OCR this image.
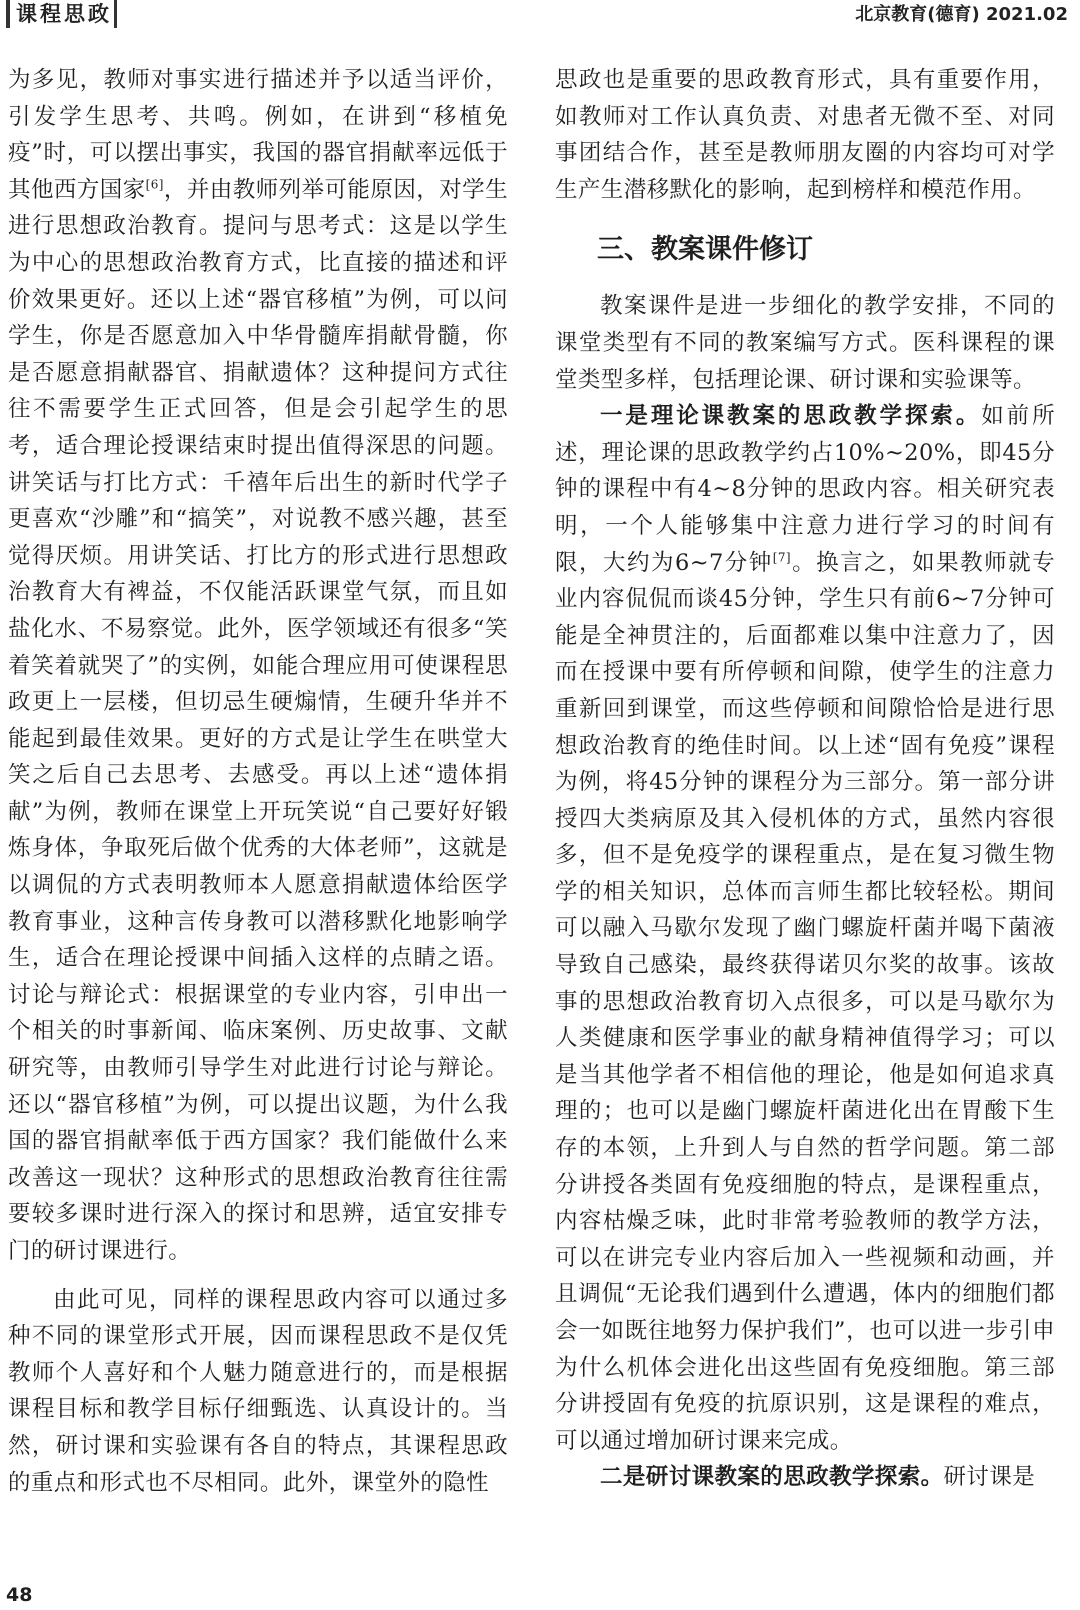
课程思政	北京教育(德育) 2021.02

为多见，教师对事实进行描述并予以适当评价，引发学生思考、共鸣。例如，在讲到“移植免疫”时，可以摆出事实，我国的器官捐献率远低于其他西方国家[6]，并由教师列举可能原因，对学生进行思想政治教育。提问与思考式：这是以学生为中心的思想政治教育方式，比直接的描述和评价效果更好。还以上述“器官移植”为例，可以问学生，你是否愿意加入中华骨髓库捐献骨髓，你是否愿意捐献器官、捐献遗体？这种提问方式往往不需要学生正式回答，但是会引起学生的思考，适合理论授课结束时提出值得深思的问题。讲笑话与打比方式：千禧年后出生的新时代学子更喜欢“沙雕”和“搞笑”，对说教不感兴趣，甚至觉得厌烦。用讲笑话、打比方的形式进行思想政治教育大有裨益，不仅能活跃课堂气氛，而且如盐化水、不易察觉。此外，医学领域还有很多“笑着笑着就哭了”的实例，如能合理应用可使课程思政更上一层楼，但切忌生硬煽情，生硬升华并不能起到最佳效果。更好的方式是让学生在哄堂大笑之后自己去思考、去感受。再以上述“遗体捐献”为例，教师在课堂上开玩笑说“自己要好好锻炼身体，争取死后做个优秀的大体老师”，这就是以调侃的方式表明教师本人愿意捐献遗体给医学教育事业，这种言传身教可以潜移默化地影响学生，适合在理论授课中间插入这样的点睛之语。讨论与辩论式：根据课堂的专业内容，引申出一个相关的时事新闻、临床案例、历史故事、文献研究等，由教师引导学生对此进行讨论与辩论。还以“器官移植”为例，可以提出议题，为什么我国的器官捐献率低于西方国家？我们能做什么来改善这一现状？这种形式的思想政治教育往往需要较多课时进行深入的探讨和思辨，适宜安排专门的研讨课进行。

由此可见，同样的课程思政内容可以通过多种不同的课堂形式开展，因而课程思政不是仅凭教师个人喜好和个人魅力随意进行的，而是根据课程目标和教学目标仔细甄选、认真设计的。当然，研讨课和实验课有各自的特点，其课程思政的重点和形式也不尽相同。此外，课堂外的隐性

思政也是重要的思政教育形式，具有重要作用，如教师对工作认真负责、对患者无微不至、对同事团结合作，甚至是教师朋友圈的内容均可对学生产生潜移默化的影响，起到榜样和模范作用。

三、教案课件修订

教案课件是进一步细化的教学安排，不同的课堂类型有不同的教案编写方式。医科课程的课堂类型多样，包括理论课、研讨课和实验课等。

一是理论课教案的思政教学探索。如前所述，理论课的思政教学约占10%~20%，即45分钟的课程中有4~8分钟的思政内容。相关研究表明，一个人能够集中注意力进行学习的时间有限，大约为6~7分钟[7]。换言之，如果教师就专业内容侃侃而谈45分钟，学生只有前6~7分钟可能是全神贯注的，后面都难以集中注意力了，因而在授课中要有所停顿和间隙，使学生的注意力重新回到课堂，而这些停顿和间隙恰恰是进行思想政治教育的绝佳时间。以上述“固有免疫”课程为例，将45分钟的课程分为三部分。第一部分讲授四大类病原及其入侵机体的方式，虽然内容很多，但不是免疫学的课程重点，是在复习微生物学的相关知识，总体而言师生都比较轻松。期间可以融入马歇尔发现了幽门螺旋杆菌并喝下菌液导致自己感染，最终获得诺贝尔奖的故事。该故事的思想政治教育切入点很多，可以是马歇尔为人类健康和医学事业的献身精神值得学习；可以是当其他学者不相信他的理论，他是如何追求真理的；也可以是幽门螺旋杆菌进化出在胃酸下生存的本领，上升到人与自然的哲学问题。第二部分讲授各类固有免疫细胞的特点，是课程重点，内容枯燥乏味，此时非常考验教师的教学方法，可以在讲完专业内容后加入一些视频和动画，并且调侃“无论我们遇到什么遭遇，体内的细胞们都会一如既往地努力保护我们”，也可以进一步引申为什么机体会进化出这些固有免疫细胞。第三部分讲授固有免疫的抗原识别，这是课程的难点，可以通过增加研讨课来完成。

二是研讨课教案的思政教学探索。研讨课是

48
